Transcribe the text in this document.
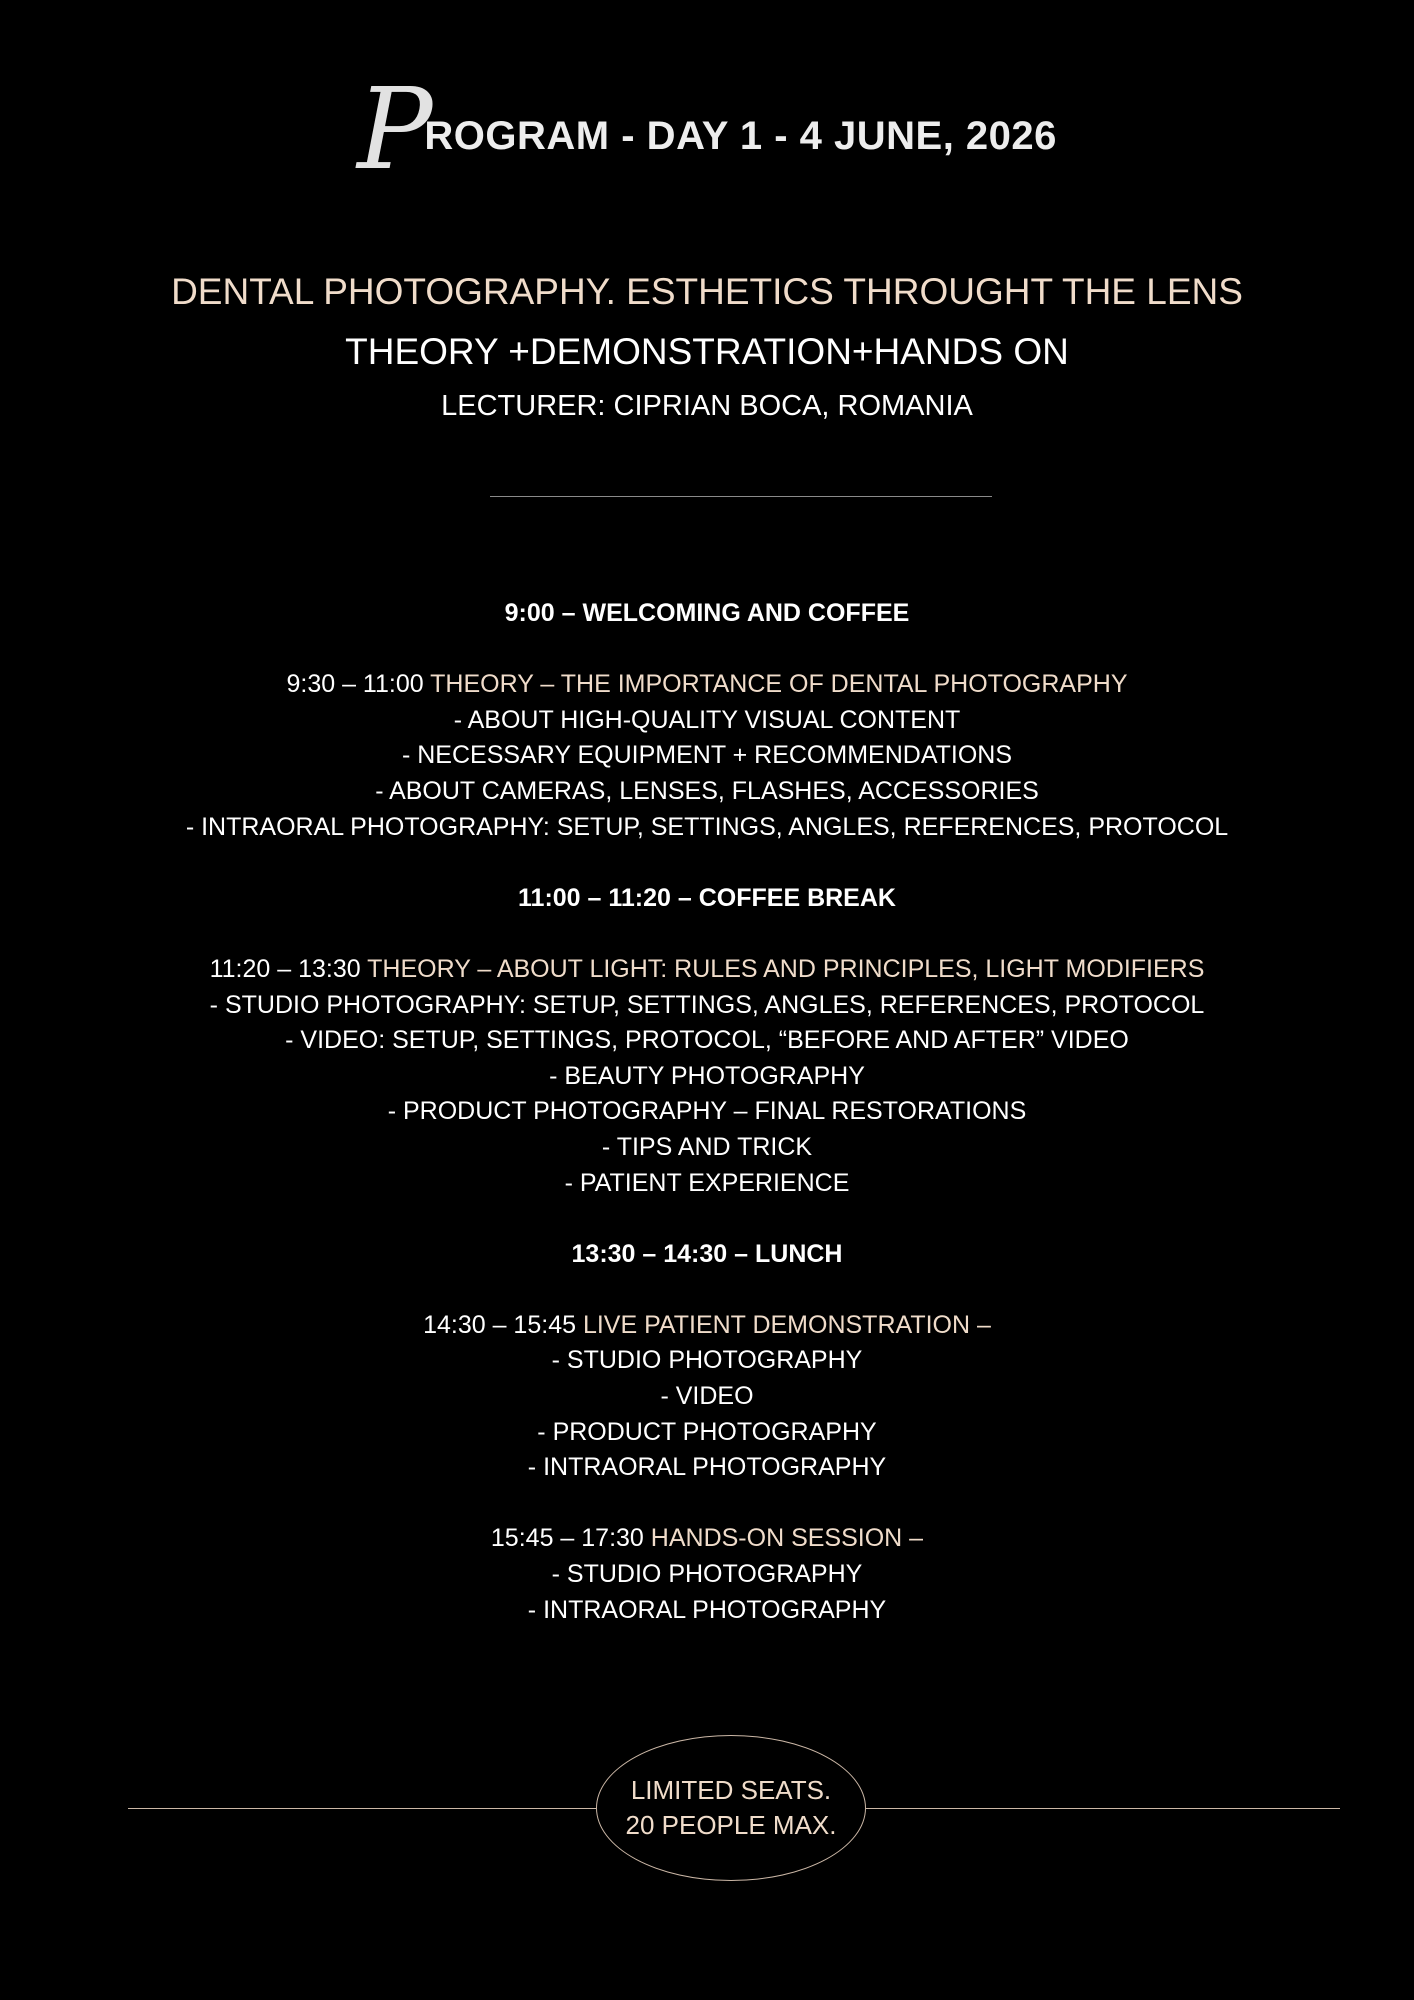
PROGRAM - DAY 1 - 4 JUNE, 2026
DENTAL PHOTOGRAPHY. ESTHETICS THROUGHT THE LENS
THEORY +DEMONSTRATION+HANDS ON
LECTURER: CIPRIAN BOCA, ROMANIA
9:00 – WELCOMING AND COFFEE
9:30 – 11:00 THEORY – THE IMPORTANCE OF DENTAL PHOTOGRAPHY
- ABOUT HIGH-QUALITY VISUAL CONTENT
- NECESSARY EQUIPMENT + RECOMMENDATIONS
- ABOUT CAMERAS, LENSES, FLASHES, ACCESSORIES
- INTRAORAL PHOTOGRAPHY: SETUP, SETTINGS, ANGLES, REFERENCES, PROTOCOL
11:00 – 11:20 – COFFEE BREAK
11:20 – 13:30 THEORY – ABOUT LIGHT: RULES AND PRINCIPLES, LIGHT MODIFIERS
- STUDIO PHOTOGRAPHY: SETUP, SETTINGS, ANGLES, REFERENCES, PROTOCOL
- VIDEO: SETUP, SETTINGS, PROTOCOL, “BEFORE AND AFTER” VIDEO
- BEAUTY PHOTOGRAPHY
- PRODUCT PHOTOGRAPHY – FINAL RESTORATIONS
- TIPS AND TRICK
- PATIENT EXPERIENCE
13:30 – 14:30 – LUNCH
14:30 – 15:45 LIVE PATIENT DEMONSTRATION –
- STUDIO PHOTOGRAPHY
- VIDEO
- PRODUCT PHOTOGRAPHY
- INTRAORAL PHOTOGRAPHY
15:45 – 17:30 HANDS-ON SESSION –
- STUDIO PHOTOGRAPHY
- INTRAORAL PHOTOGRAPHY
LIMITED SEATS.
20 PEOPLE MAX.
